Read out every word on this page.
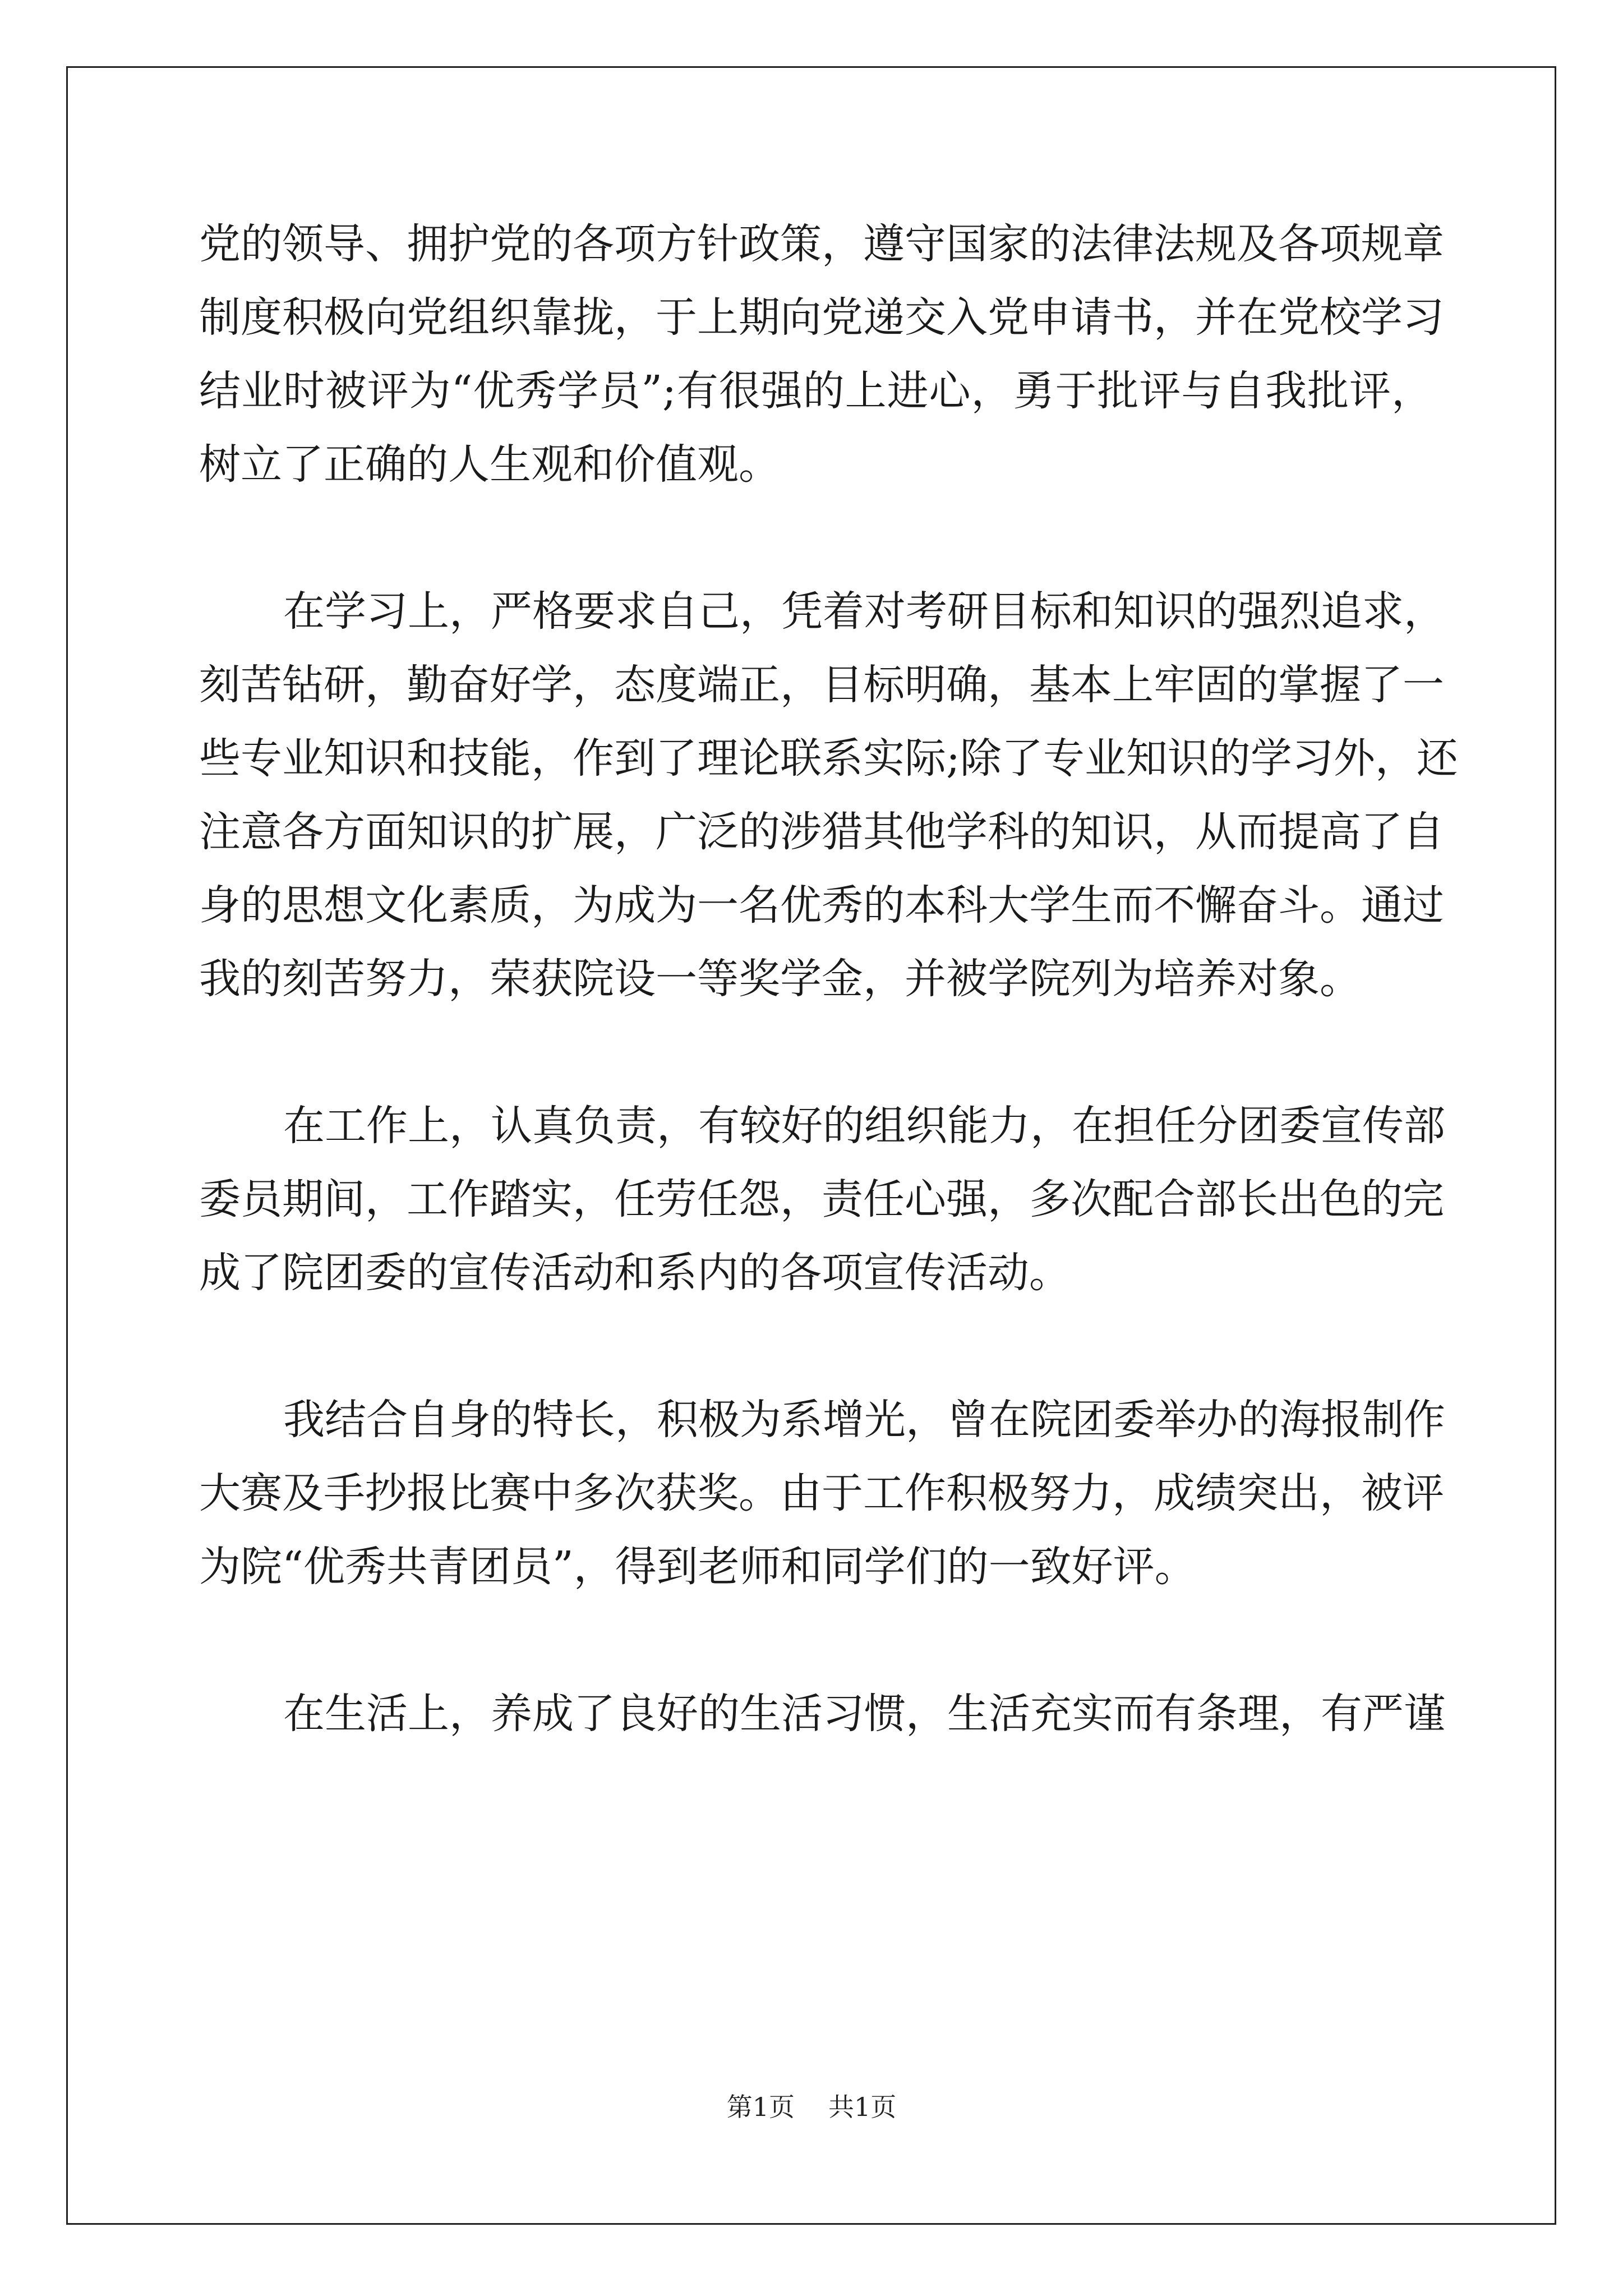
党的领导、拥护党的各项方针政策，遵守国家的法律法规及各项规章
制度积极向党组织靠拢，于上期向党递交入党申请书，并在党校学习
结业时被评为“优秀学员”;有很强的上进心，勇于批评与自我批评，
树立了正确的人生观和价值观。
在学习上，严格要求自己，凭着对考研目标和知识的强烈追求，
刻苦钻研，勤奋好学，态度端正，目标明确，基本上牢固的掌握了一
些专业知识和技能，作到了理论联系实际;除了专业知识的学习外，还
注意各方面知识的扩展，广泛的涉猎其他学科的知识，从而提高了自
身的思想文化素质，为成为一名优秀的本科大学生而不懈奋斗。通过
我的刻苦努力，荣获院设一等奖学金，并被学院列为培养对象。
在工作上，认真负责，有较好的组织能力，在担任分团委宣传部
委员期间，工作踏实，任劳任怨，责任心强，多次配合部长出色的完
成了院团委的宣传活动和系内的各项宣传活动。
我结合自身的特长，积极为系增光，曾在院团委举办的海报制作
大赛及手抄报比赛中多次获奖。由于工作积极努力，成绩突出，被评
为院“优秀共青团员”，得到老师和同学们的一致好评。
在生活上，养成了良好的生活习惯，生活充实而有条理，有严谨
第1页 共1页
